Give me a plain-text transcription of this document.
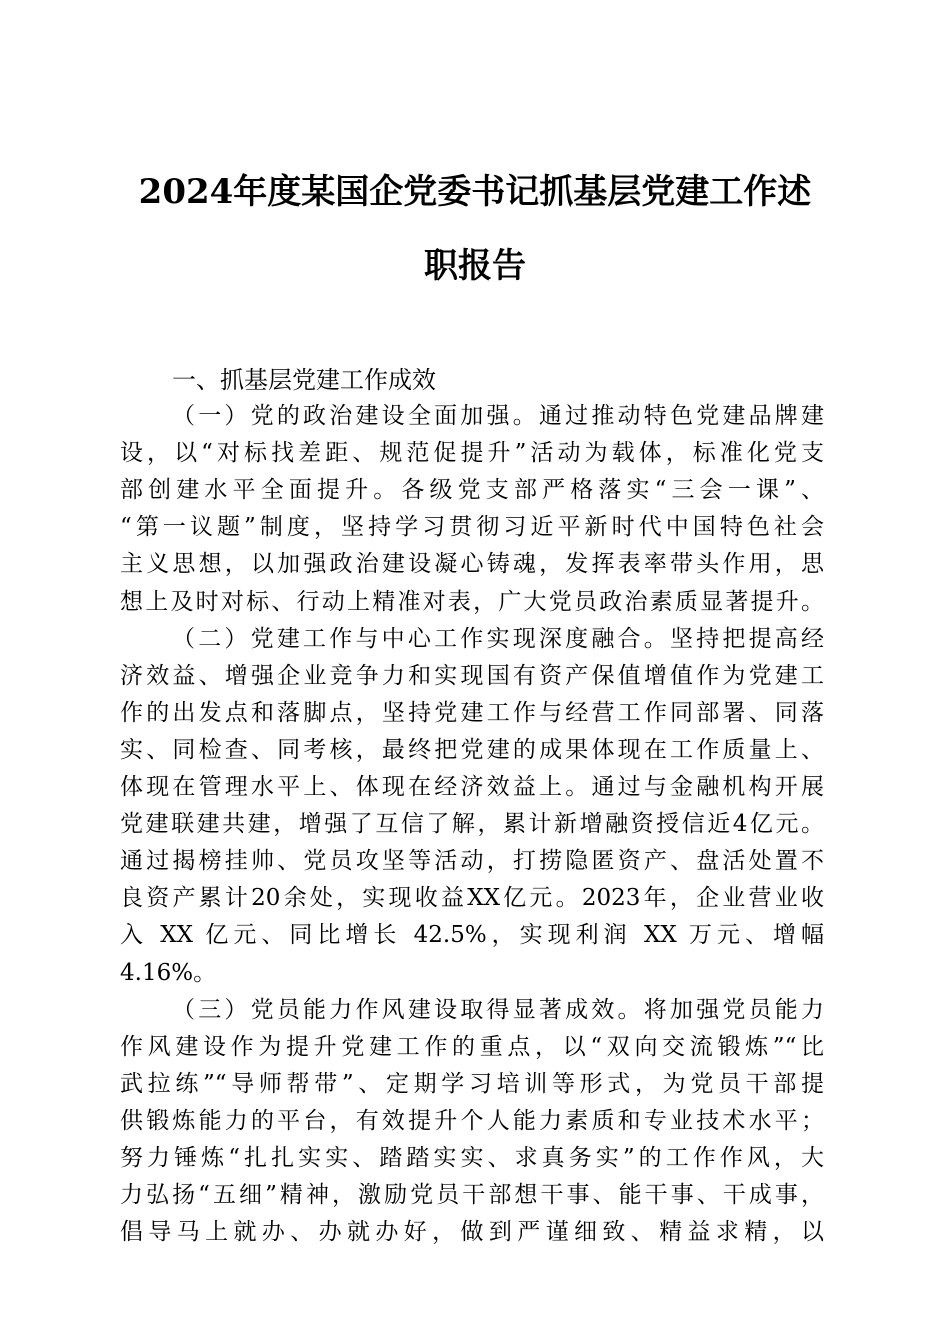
2024年度某国企党委书记抓基层党建工作述
职报告
一、抓基层党建工作成效
（一）党的政治建设全面加强。通过推动特色党建品牌建
设，以“对标找差距、规范促提升”活动为载体，标准化党支
部创建水平全面提升。各级党支部严格落实“三会一课”、
“第一议题”制度，坚持学习贯彻习近平新时代中国特色社会
主义思想，以加强政治建设凝心铸魂，发挥表率带头作用，思
想上及时对标、行动上精准对表，广大党员政治素质显著提升。
（二）党建工作与中心工作实现深度融合。坚持把提高经
济效益、增强企业竞争力和实现国有资产保值增值作为党建工
作的出发点和落脚点，坚持党建工作与经营工作同部署、同落
实、同检查、同考核，最终把党建的成果体现在工作质量上、
体现在管理水平上、体现在经济效益上。通过与金融机构开展
党建联建共建，增强了互信了解，累计新增融资授信近4亿元。
通过揭榜挂帅、党员攻坚等活动，打捞隐匿资产、盘活处置不
良资产累计20余处，实现收益XX亿元。2023年，企业营业收
入 XX 亿元、同比增长 42.5%，实现利润 XX 万元、增幅
4.16%。
（三）党员能力作风建设取得显著成效。将加强党员能力
作风建设作为提升党建工作的重点，以“双向交流锻炼”“比
武拉练”“导师帮带”、定期学习培训等形式，为党员干部提
供锻炼能力的平台，有效提升个人能力素质和专业技术水平；
努力锤炼“扎扎实实、踏踏实实、求真务实”的工作作风，大
力弘扬“五细”精神，激励党员干部想干事、能干事、干成事，
倡导马上就办、办就办好，做到严谨细致、精益求精，以
